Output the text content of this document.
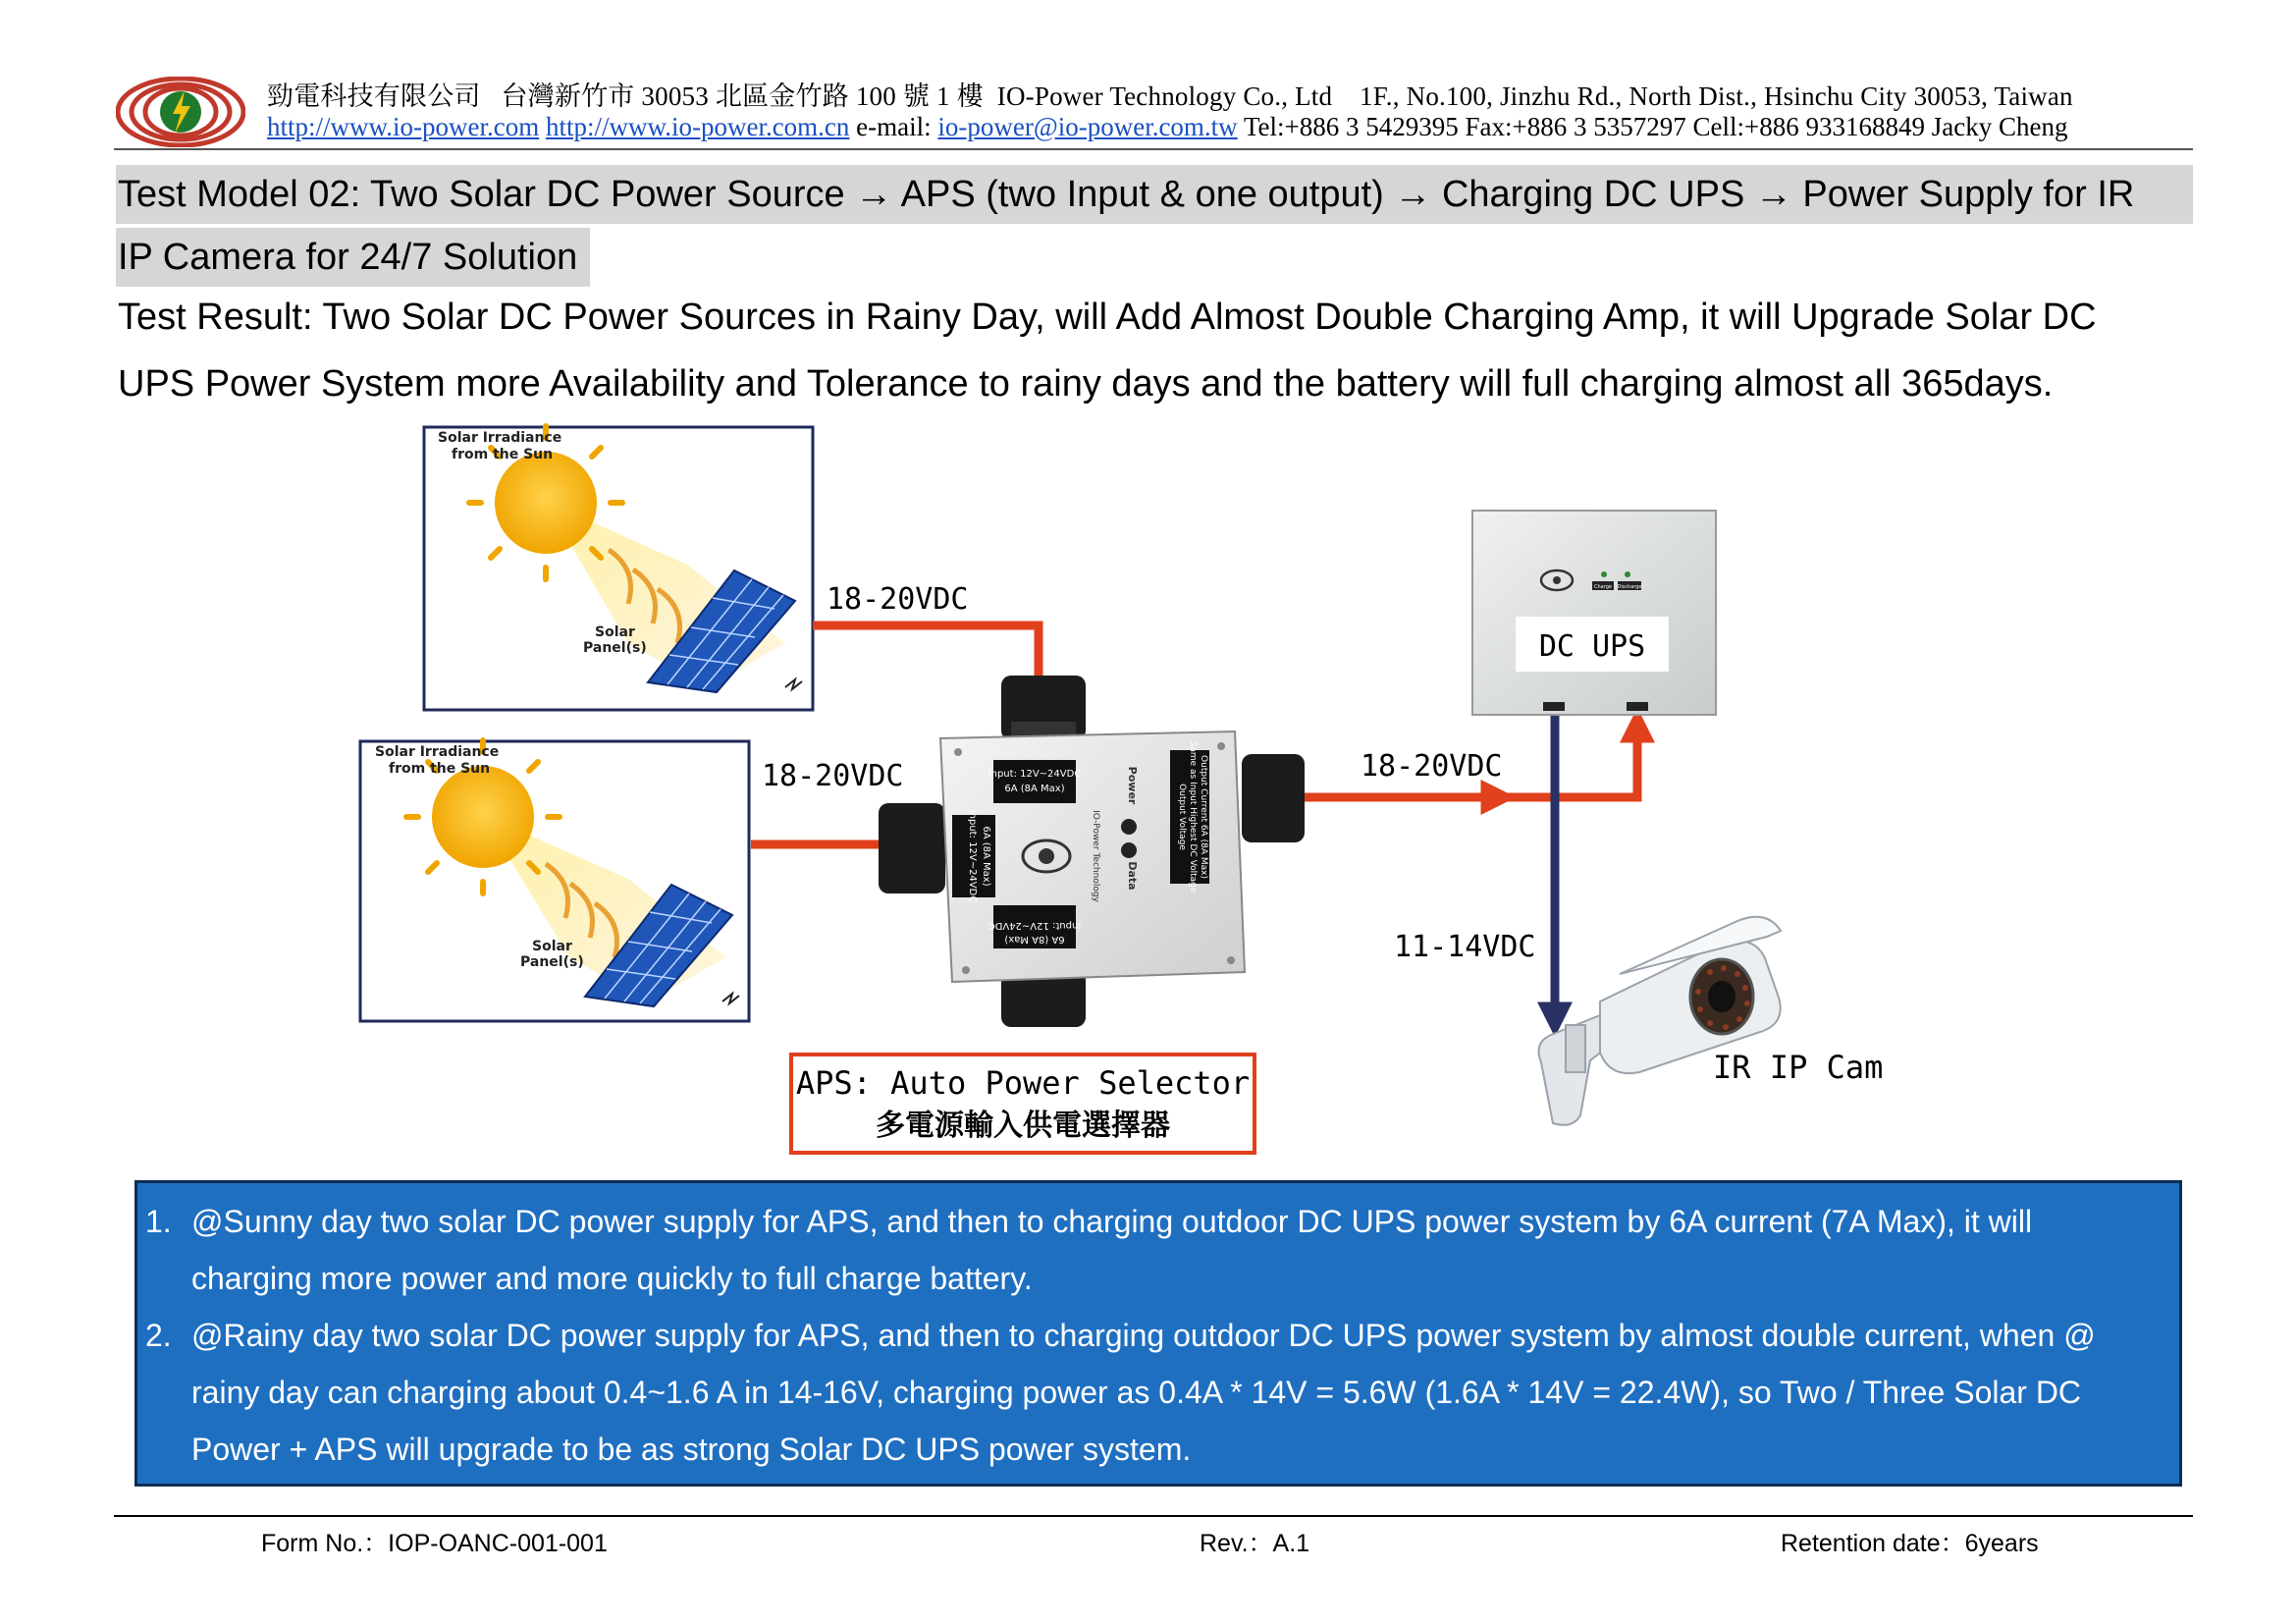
勁電科技有限公司 台灣新竹市 30053 北區金竹路 100 號 1 樓 IO-Power Technology Co., Ltd 1F., No.100, Jinzhu Rd., North Dist., Hsinchu City 30053, Taiwan
http://www.io-power.com http://www.io-power.com.cn e-mail: io-power@io-power.com.tw Tel:+886 3 5429395 Fax:+886 3 5357297 Cell:+886 933168849 Jacky Cheng
Test Model 02: Two Solar DC Power Source → APS (two Input & one output) → Charging DC UPS → Power Supply for IR
IP Camera for 24/7 Solution
Test Result: Two Solar DC Power Sources in Rainy Day, will Add Almost Double Charging Amp, it will Upgrade Solar DC
UPS Power System more Availability and Tolerance to rainy days and the battery will full charging almost all 365days.
Solar Irradiance
from the Sun
Solar
Panel(s)
Solar Irradiance
from the Sun
Solar
Panel(s)
18-20VDC
18-20VDC	18-20VDC
11-14VDC
Input: 12V~24VDC
6A (8A Max)
Input: 12V~24VDC 6A (8A Max)
Input: 12V~24VDC
6A (8A Max)
Output Voltage Same as Input Highest DC Voltage Output Current 6A (8A Max)
IO-Power Technology
Power
Data
APS: Auto Power Selector
多電源輸入供電選擇器
Charge Discharge
DC UPS
IR IP Cam
1. @Sunny day two solar DC power supply for APS, and then to charging outdoor DC UPS power system by 6A current (7A Max), it will
charging more power and more quickly to full charge battery.
2. @Rainy day two solar DC power supply for APS, and then to charging outdoor DC UPS power system by almost double current, when @
rainy day can charging about 0.4~1.6 A in 14-16V, charging power as 0.4A * 14V = 5.6W (1.6A * 14V = 22.4W), so Two / Three Solar DC
Power + APS will upgrade to be as strong Solar DC UPS power system.
Form No.：IOP-OANC-001-001	Rev.：A.1	Retention date：6years
